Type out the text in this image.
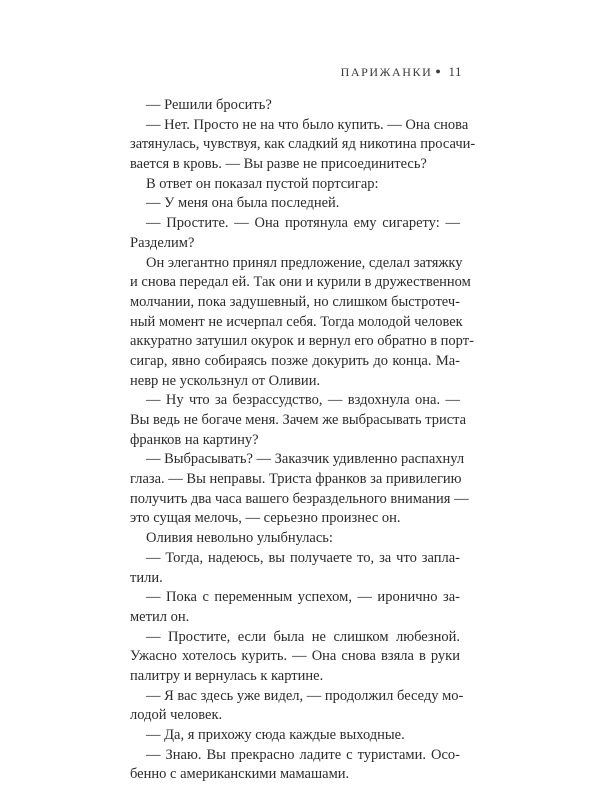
ПАРИЖАНКИ ● 11
— Решили бросить?
— Нет. Просто не на что было купить. — Она снова
затянулась, чувствуя, как сладкий яд никотина просачи-
вается в кровь. — Вы разве не присоединитесь?
В ответ он показал пустой портсигар:
— У меня она была последней.
— Простите. — Она протянула ему сигарету: —
Разделим?
Он элегантно принял предложение, сделал затяжку
и снова передал ей. Так они и курили в дружественном
молчании, пока задушевный, но слишком быстротеч-
ный момент не исчерпал себя. Тогда молодой человек
аккуратно затушил окурок и вернул его обратно в порт-
сигар, явно собираясь позже докурить до конца. Ма-
невр не ускользнул от Оливии.
— Ну что за безрассудство, — вздохнула она. —
Вы ведь не богаче меня. Зачем же выбрасывать триста
франков на картину?
— Выбрасывать? — Заказчик удивленно распахнул
глаза. — Вы неправы. Триста франков за привилегию
получить два часа вашего безраздельного внимания —
это сущая мелочь, — серьезно произнес он.
Оливия невольно улыбнулась:
— Тогда, надеюсь, вы получаете то, за что запла-
тили.
— Пока с переменным успехом, — иронично за-
метил он.
— Простите, если была не слишком любезной.
Ужасно хотелось курить. — Она снова взяла в руки
палитру и вернулась к картине.
— Я вас здесь уже видел, — продолжил беседу мо-
лодой человек.
— Да, я прихожу сюда каждые выходные.
— Знаю. Вы прекрасно ладите с туристами. Осо-
бенно с американскими мамашами.
